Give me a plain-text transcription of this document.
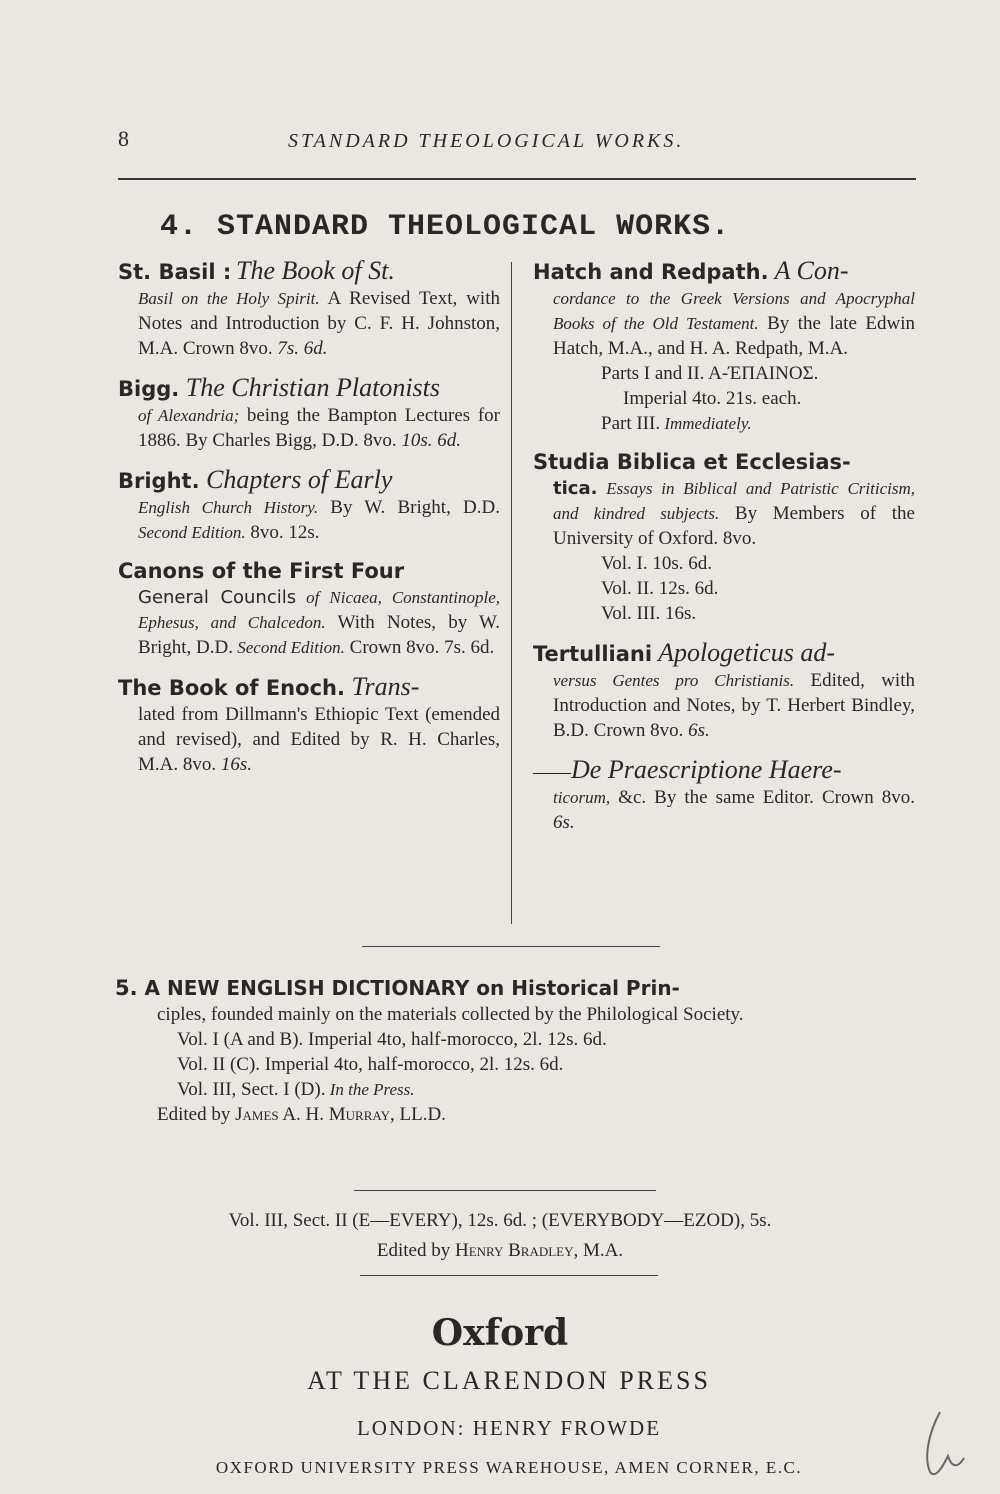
8	STANDARD THEOLOGICAL WORKS.
4. STANDARD THEOLOGICAL WORKS.
St. Basil : The Book of St.
Basil on the Holy Spirit. A Revised Text, with Notes and Introduction by C. F. H. Johnston, M.A. Crown 8vo. 7s. 6d.
Bigg. The Christian Platonists
of Alexandria; being the Bampton Lectures for 1886. By Charles Bigg, D.D. 8vo. 10s. 6d.
Bright. Chapters of Early
English Church History. By W. Bright, D.D. Second Edition. 8vo. 12s.
Canons of the First Four
General Councils of Nicaea, Constantinople, Ephesus, and Chalcedon. With Notes, by W. Bright, D.D. Second Edition. Crown 8vo. 7s. 6d.
The Book of Enoch. Trans-
lated from Dillmann's Ethiopic Text (emended and revised), and Edited by R. H. Charles, M.A. 8vo. 16s.
Hatch and Redpath. A Con-
cordance to the Greek Versions and Apocryphal Books of the Old Testament. By the late Edwin Hatch, M.A., and H. A. Redpath, M.A.
Parts I and II. A-ΈΠΑΙΝΟΣ.
Imperial 4to. 21s. each.
Part III. Immediately.
Studia Biblica et Ecclesias-
tica. Essays in Biblical and Patristic Criticism, and kindred subjects. By Members of the University of Oxford. 8vo.
Vol. I. 10s. 6d.
Vol. II. 12s. 6d.
Vol. III. 16s.
Tertulliani Apologeticus ad-
versus Gentes pro Christianis. Edited, with Introduction and Notes, by T. Herbert Bindley, B.D. Crown 8vo. 6s.
——De Praescriptione Haere-
ticorum, &c. By the same Editor. Crown 8vo. 6s.
5. A NEW ENGLISH DICTIONARY on Historical Prin-
ciples, founded mainly on the materials collected by the Philological Society.
Vol. I (A and B). Imperial 4to, half-morocco, 2l. 12s. 6d.
Vol. II (C). Imperial 4to, half-morocco, 2l. 12s. 6d.
Vol. III, Sect. I (D). In the Press.
Edited by James A. H. Murray, LL.D.
Vol. III, Sect. II (E—EVERY), 12s. 6d. ; (EVERYBODY—EZOD), 5s.
Edited by Henry Bradley, M.A.
Oxford
AT THE CLARENDON PRESS
LONDON: HENRY FROWDE
OXFORD UNIVERSITY PRESS WAREHOUSE, AMEN CORNER, E.C.
